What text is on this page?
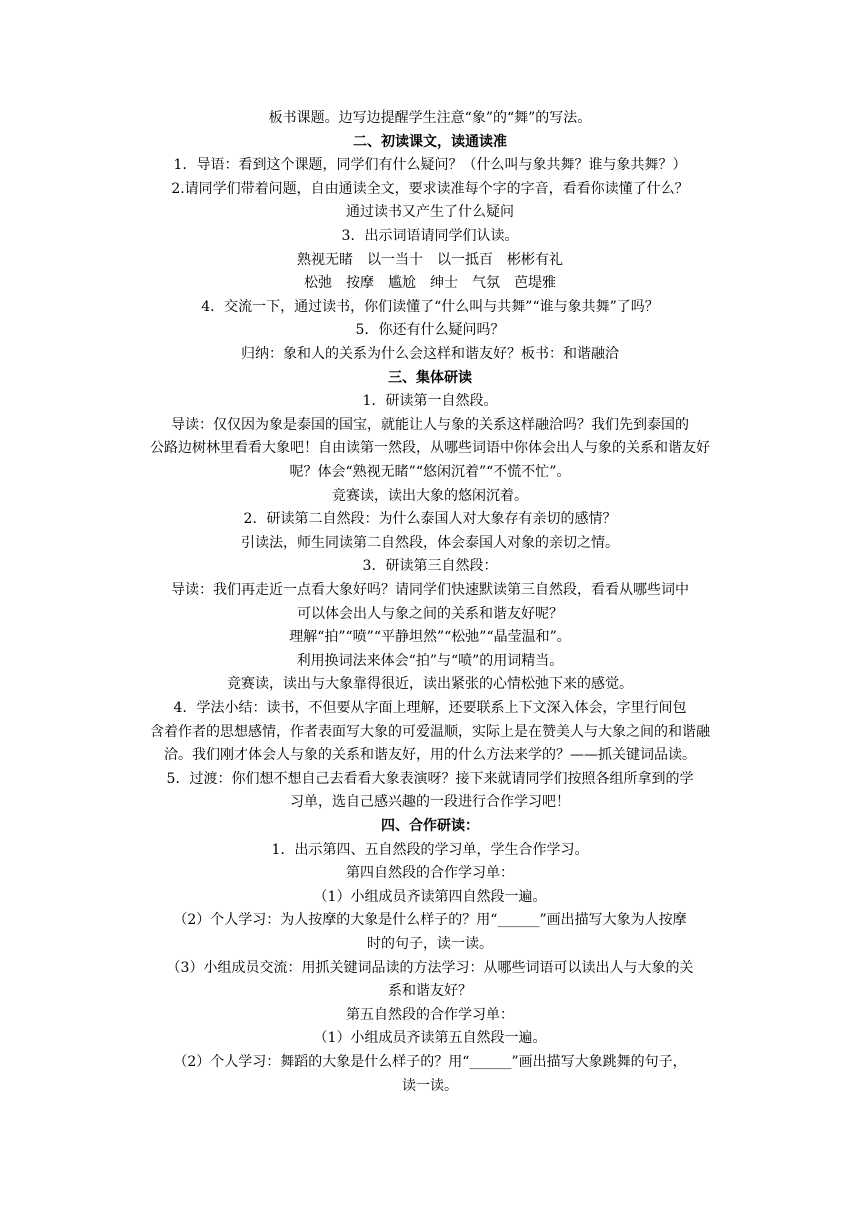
板书课题。边写边提醒学生注意“象”的“舞”的写法。
二、初读课文，读通读准
1．导语：看到这个课题，同学们有什么疑问？（什么叫与象共舞？谁与象共舞？）
2.请同学们带着问题，自由通读全文，要求读准每个字的字音，看看你读懂了什么？
通过读书又产生了什么疑问
3．出示词语请同学们认读。
熟视无睹　以一当十　以一抵百　彬彬有礼
松弛　按摩　尴尬　绅士　气氛　芭堤雅
4．交流一下，通过读书，你们读懂了“什么叫与共舞”“谁与象共舞”了吗？
5．你还有什么疑问吗？
归纳：象和人的关系为什么会这样和谐友好？板书：和谐融洽
三、集体研读
1．研读第一自然段。
导读：仅仅因为象是泰国的国宝，就能让人与象的关系这样融洽吗？我们先到泰国的
公路边树林里看看大象吧！自由读第一然段，从哪些词语中你体会出人与象的关系和谐友好
呢？体会“熟视无睹”“悠闲沉着”“不慌不忙”。
竞赛读，读出大象的悠闲沉着。
2．研读第二自然段：为什么泰国人对大象存有亲切的感情？
引读法，师生同读第二自然段，体会泰国人对象的亲切之情。
3．研读第三自然段：
导读：我们再走近一点看大象好吗？请同学们快速默读第三自然段，看看从哪些词中
可以体会出人与象之间的关系和谐友好呢？
理解“拍”“喷”“平静坦然”“松弛”“晶莹温和”。
利用换词法来体会“拍”与“喷”的用词精当。
竞赛读，读出与大象靠得很近，读出紧张的心情松弛下来的感觉。
4．学法小结：读书，不但要从字面上理解，还要联系上下文深入体会，字里行间包
含着作者的思想感情，作者表面写大象的可爱温顺，实际上是在赞美人与大象之间的和谐融
洽。我们刚才体会人与象的关系和谐友好，用的什么方法来学的？——抓关键词品读。
5．过渡：你们想不想自己去看看大象表演呀？接下来就请同学们按照各组所拿到的学
习单，选自己感兴趣的一段进行合作学习吧！
四、合作研读：
1．出示第四、五自然段的学习单，学生合作学习。
第四自然段的合作学习单：
（1）小组成员齐读第四自然段一遍。
（2）个人学习：为人按摩的大象是什么样子的？用“______”画出描写大象为人按摩
时的句子，读一读。
（3）小组成员交流：用抓关键词品读的方法学习：从哪些词语可以读出人与大象的关
系和谐友好？
第五自然段的合作学习单：
（1）小组成员齐读第五自然段一遍。
（2）个人学习：舞蹈的大象是什么样子的？用“______”画出描写大象跳舞的句子，
读一读。
